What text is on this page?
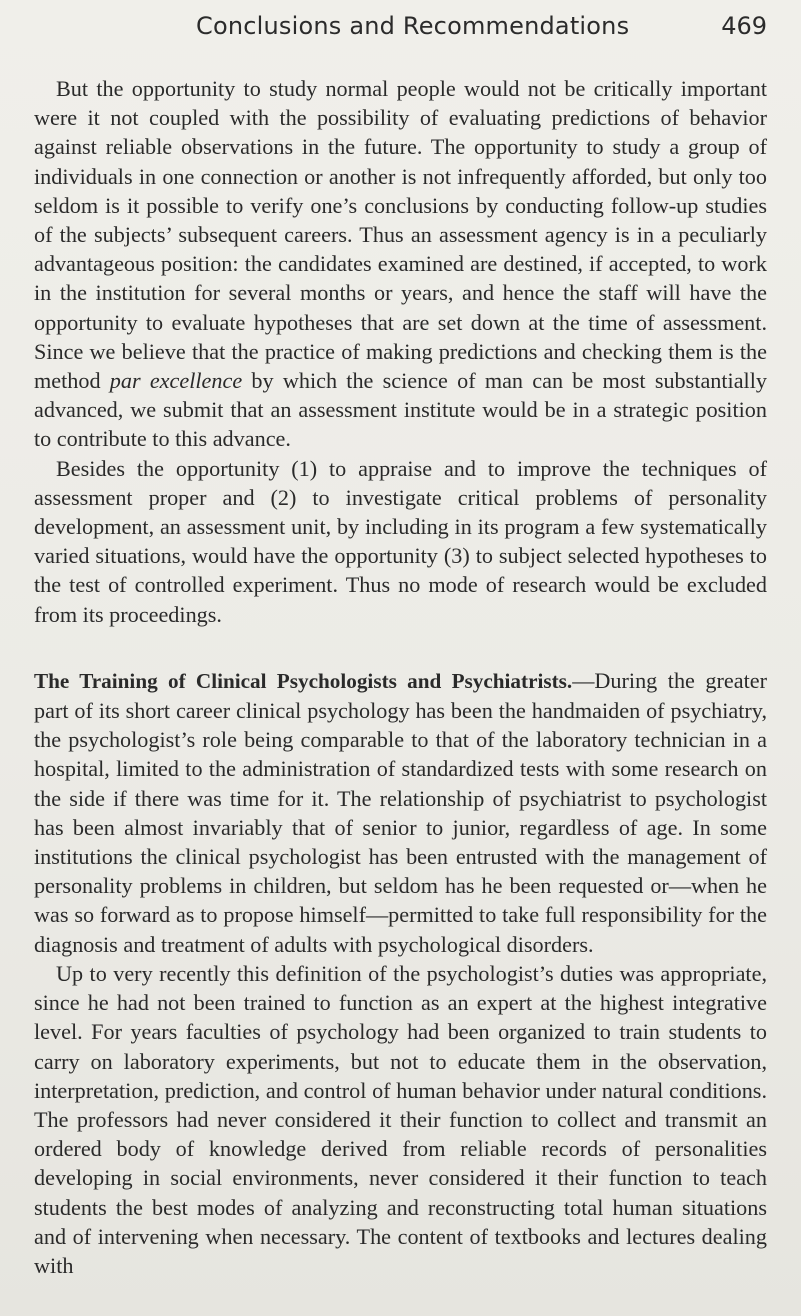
Conclusions and Recommendations	469

But the opportunity to study normal people would not be critically important were it not coupled with the possibility of evaluating predictions of behavior against reliable observations in the future. The opportunity to study a group of individuals in one connection or another is not infrequently afforded, but only too seldom is it possible to verify one’s conclusions by conducting follow-up studies of the subjects’ subsequent careers. Thus an assessment agency is in a peculiarly advantageous position: the candidates examined are destined, if accepted, to work in the institution for several months or years, and hence the staff will have the opportunity to evaluate hypotheses that are set down at the time of assessment. Since we believe that the practice of making predictions and checking them is the method par excellence by which the science of man can be most substantially advanced, we submit that an assessment institute would be in a strategic position to contribute to this advance.

Besides the opportunity (1) to appraise and to improve the techniques of assessment proper and (2) to investigate critical problems of personality development, an assessment unit, by including in its program a few systematically varied situations, would have the opportunity (3) to subject selected hypotheses to the test of controlled experiment. Thus no mode of research would be excluded from its proceedings.

The Training of Clinical Psychologists and Psychiatrists.—During the greater part of its short career clinical psychology has been the handmaiden of psychiatry, the psychologist’s role being comparable to that of the laboratory technician in a hospital, limited to the administration of standardized tests with some research on the side if there was time for it. The relationship of psychiatrist to psychologist has been almost invariably that of senior to junior, regardless of age. In some institutions the clinical psychologist has been entrusted with the management of personality problems in children, but seldom has he been requested or—when he was so forward as to propose himself—permitted to take full responsibility for the diagnosis and treatment of adults with psychological disorders.

Up to very recently this definition of the psychologist’s duties was appropriate, since he had not been trained to function as an expert at the highest integrative level. For years faculties of psychology had been organized to train students to carry on laboratory experiments, but not to educate them in the observation, interpretation, prediction, and control of human behavior under natural conditions. The professors had never considered it their function to collect and transmit an ordered body of knowledge derived from reliable records of personalities developing in social environments, never considered it their function to teach students the best modes of analyzing and reconstructing total human situations and of intervening when necessary. The content of textbooks and lectures dealing with
